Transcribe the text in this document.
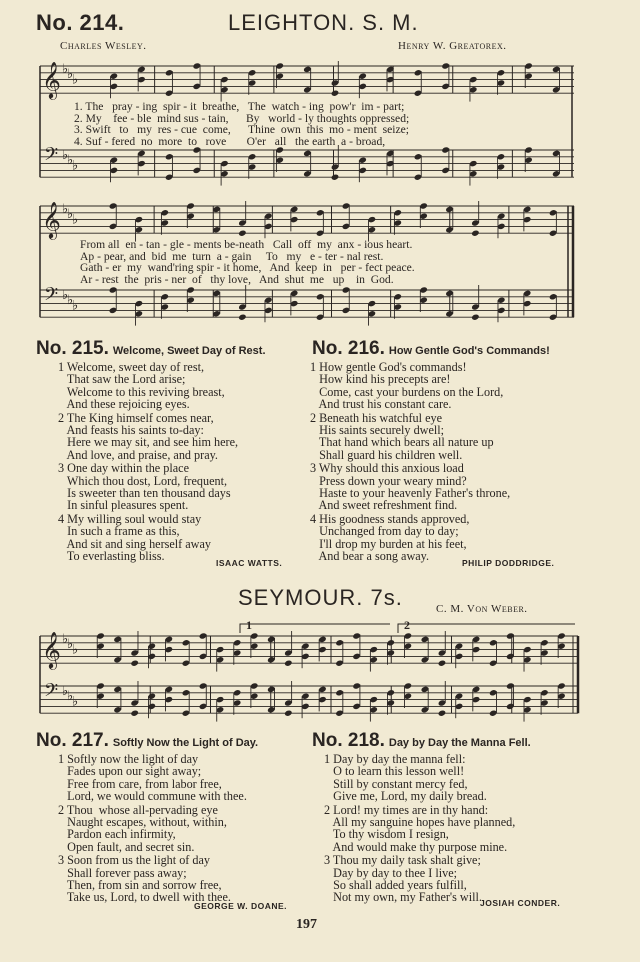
No. 214.	LEIGHTON. S. M.
Charles Wesley.	Henry W. Greatorex.
𝄞
𝄢
♭
♭
♭
♭
♭
♭
𝄞
𝄢
♭
♭
♭
♭
♭
♭
𝄞
𝄢
♭
♭
♭
♭
♭
♭
1. The   pray - ing  spir - it  breathe,   The  watch - ing  pow'r  im - part;
2. My    fee - ble  mind sus - tain,      By   world - ly thoughts oppressed;
3. Swift   to   my  res - cue  come,      Thine  own  this  mo - ment  seize;
4. Suf - fered  no  more  to   rove       O'er   all   the earth  a - broad,
From all  en - tan - gle - ments be-neath   Call  off  my  anx - ious heart.
Ap - pear, and  bid  me  turn  a - gain     To   my   e - ter - nal rest.
Gath - er  my  wand'ring spir - it home,   And  keep  in   per - fect peace.
Ar - rest  the  pris - ner  of   thy love,   And  shut  me   up    in  God.
No. 215. Welcome, Sweet Day of Rest.
1 Welcome, sweet day of rest,
That saw the Lord arise;
Welcome to this reviving breast,
And these rejoicing eyes.
2 The King himself comes near,
And feasts his saints to-day:
Here we may sit, and see him here,
And love, and praise, and pray.
3 One day within the place
Which thou dost, Lord, frequent,
Is sweeter than ten thousand days
In sinful pleasures spent.
4 My willing soul would stay
In such a frame as this,
And sit and sing herself away
To everlasting bliss.
ISAAC WATTS.
No. 216. How Gentle God's Commands!
1 How gentle God's commands!
How kind his precepts are!
Come, cast your burdens on the Lord,
And trust his constant care.
2 Beneath his watchful eye
His saints securely dwell;
That hand which bears all nature up
Shall guard his children well.
3 Why should this anxious load
Press down your weary mind?
Haste to your heavenly Father's throne,
And sweet refreshment find.
4 His goodness stands approved,
Unchanged from day to day;
I'll drop my burden at his feet,
And bear a song away.
PHILIP DODDRIDGE.
SEYMOUR. 7s.	C. M. Von Weber.
1	2
No. 217. Softly Now the Light of Day.
1 Softly now the light of day
Fades upon our sight away;
Free from care, from labor free,
Lord, we would commune with thee.
2 Thou  whose all-pervading eye
Naught escapes, without, within,
Pardon each infirmity,
Open fault, and secret sin.
3 Soon from us the light of day
Shall forever pass away;
Then, from sin and sorrow free,
Take us, Lord, to dwell with thee.
GEORGE W. DOANE.
No. 218. Day by Day the Manna Fell.
1 Day by day the manna fell:
O to learn this lesson well!
Still by constant mercy fed,
Give me, Lord, my daily bread.
2 Lord! my times are in thy hand:
All my sanguine hopes have planned,
To thy wisdom I resign,
And would make thy purpose mine.
3 Thou my daily task shalt give;
Day by day to thee I live;
So shall added years fulfill,
Not my own, my Father's will.
JOSIAH CONDER.
197
